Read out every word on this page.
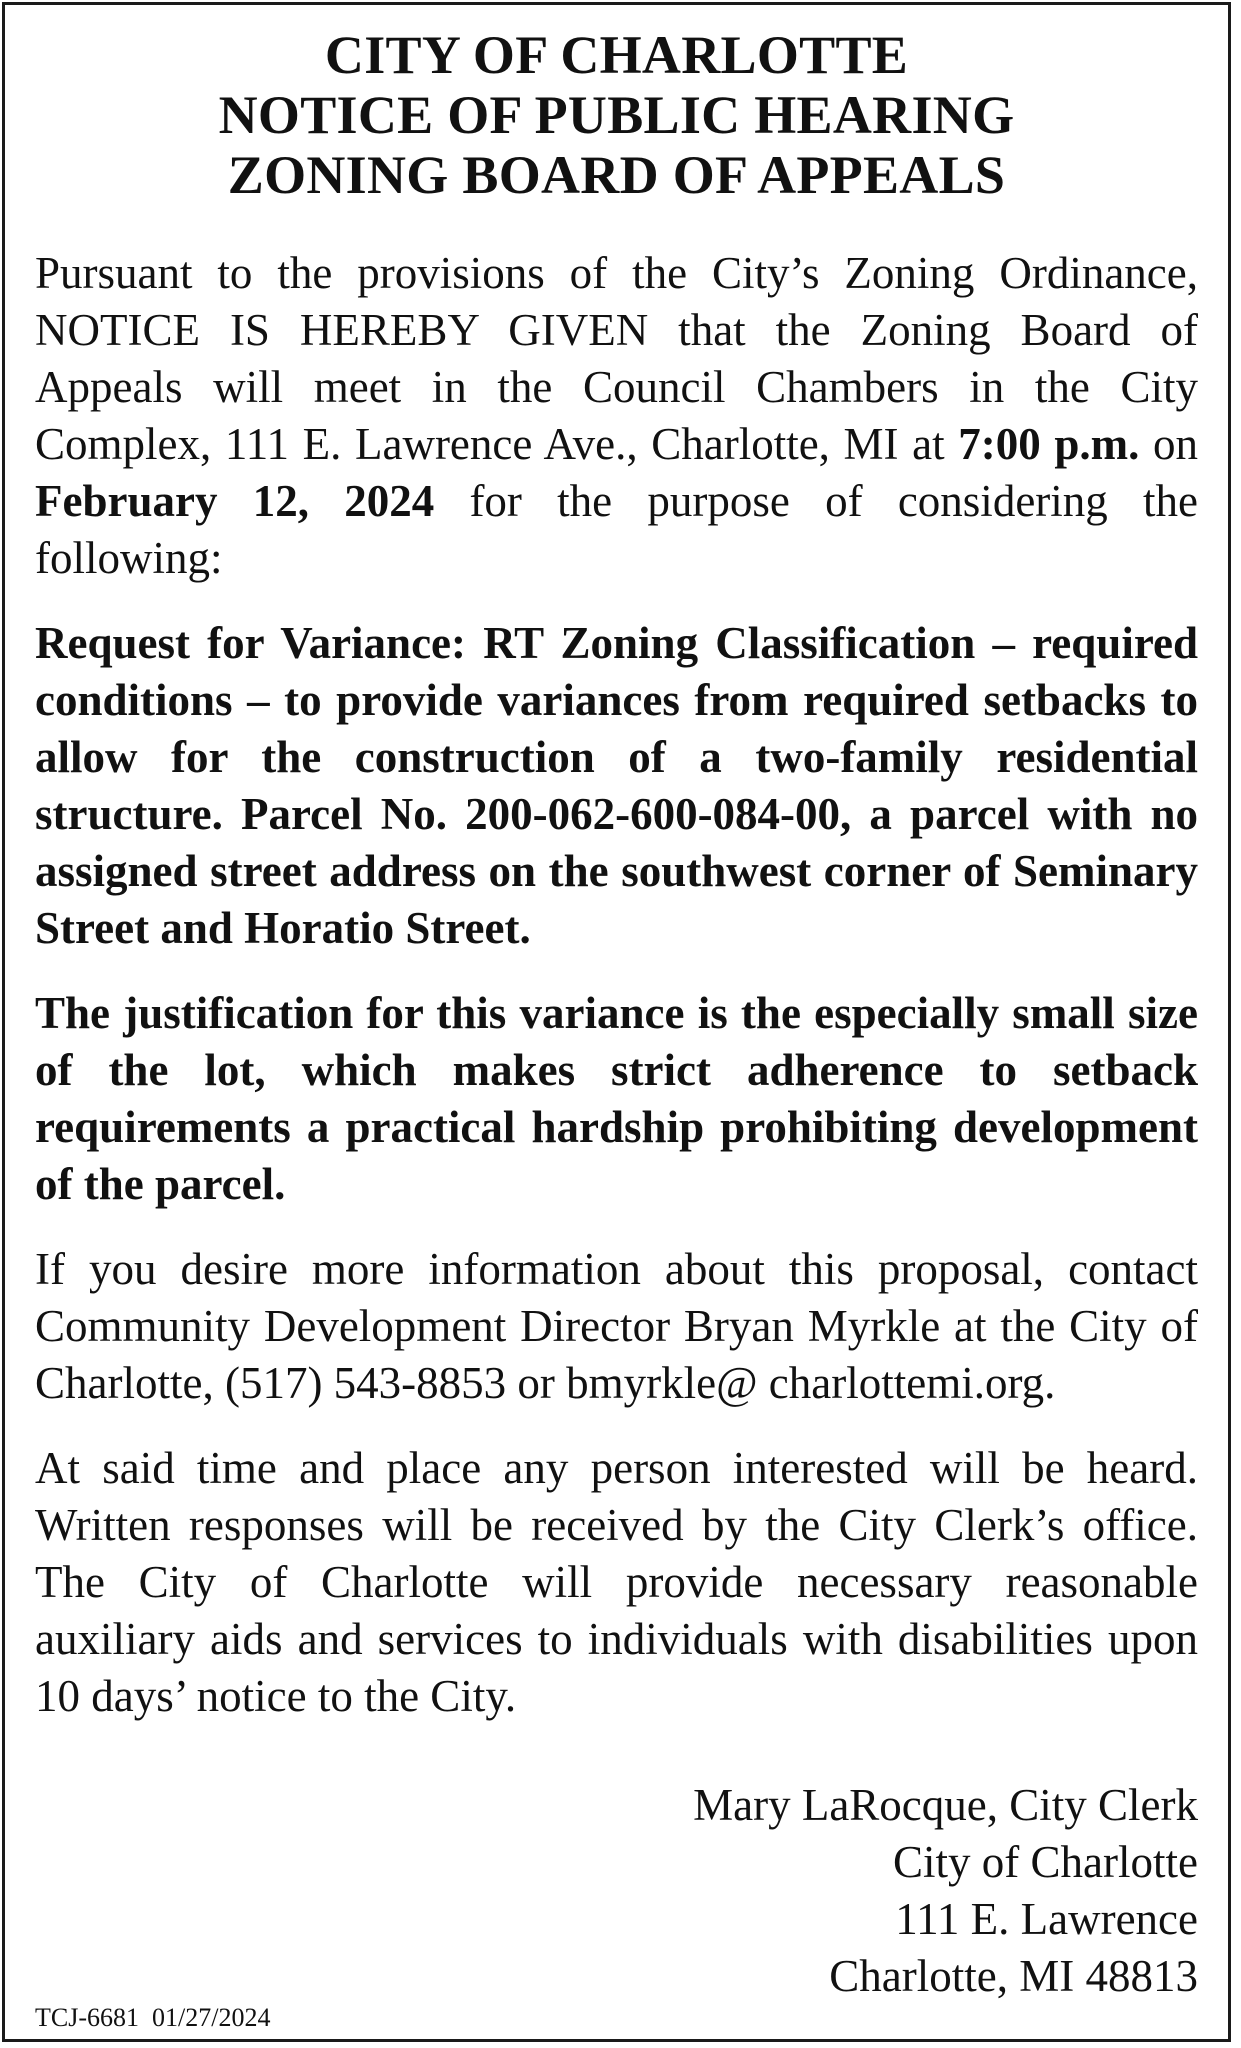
CITY OF CHARLOTTE
NOTICE OF PUBLIC HEARING
ZONING BOARD OF APPEALS

Pursuant to the provisions of the City’s Zoning Ordinance, NOTICE IS HEREBY GIVEN that the Zoning Board of Appeals will meet in the Council Chambers in the City Complex, 111 E. Lawrence Ave., Charlotte, MI at 7:00 p.m. on February 12, 2024 for the purpose of considering the following:

Request for Variance: RT Zoning Classification – required conditions – to provide variances from required setbacks to allow for the construction of a two-family residential structure. Parcel No. 200-062-600-084-00, a parcel with no assigned street address on the southwest corner of Seminary Street and Horatio Street.

The justification for this variance is the especially small size of the lot, which makes strict adherence to setback requirements a practical hardship prohibiting development of the parcel.

If you desire more information about this proposal, contact Community Development Director Bryan Myrkle at the City of Charlotte, (517) 543-8853 or bmyrkle@ charlottemi.org.

At said time and place any person interested will be heard. Written responses will be received by the City Clerk’s office. The City of Charlotte will provide necessary reasonable auxiliary aids and services to individuals with disabilities upon 10 days’ notice to the City.

Mary LaRocque, City Clerk
City of Charlotte
111 E. Lawrence
Charlotte, MI 48813
TCJ-6681  01/27/2024
